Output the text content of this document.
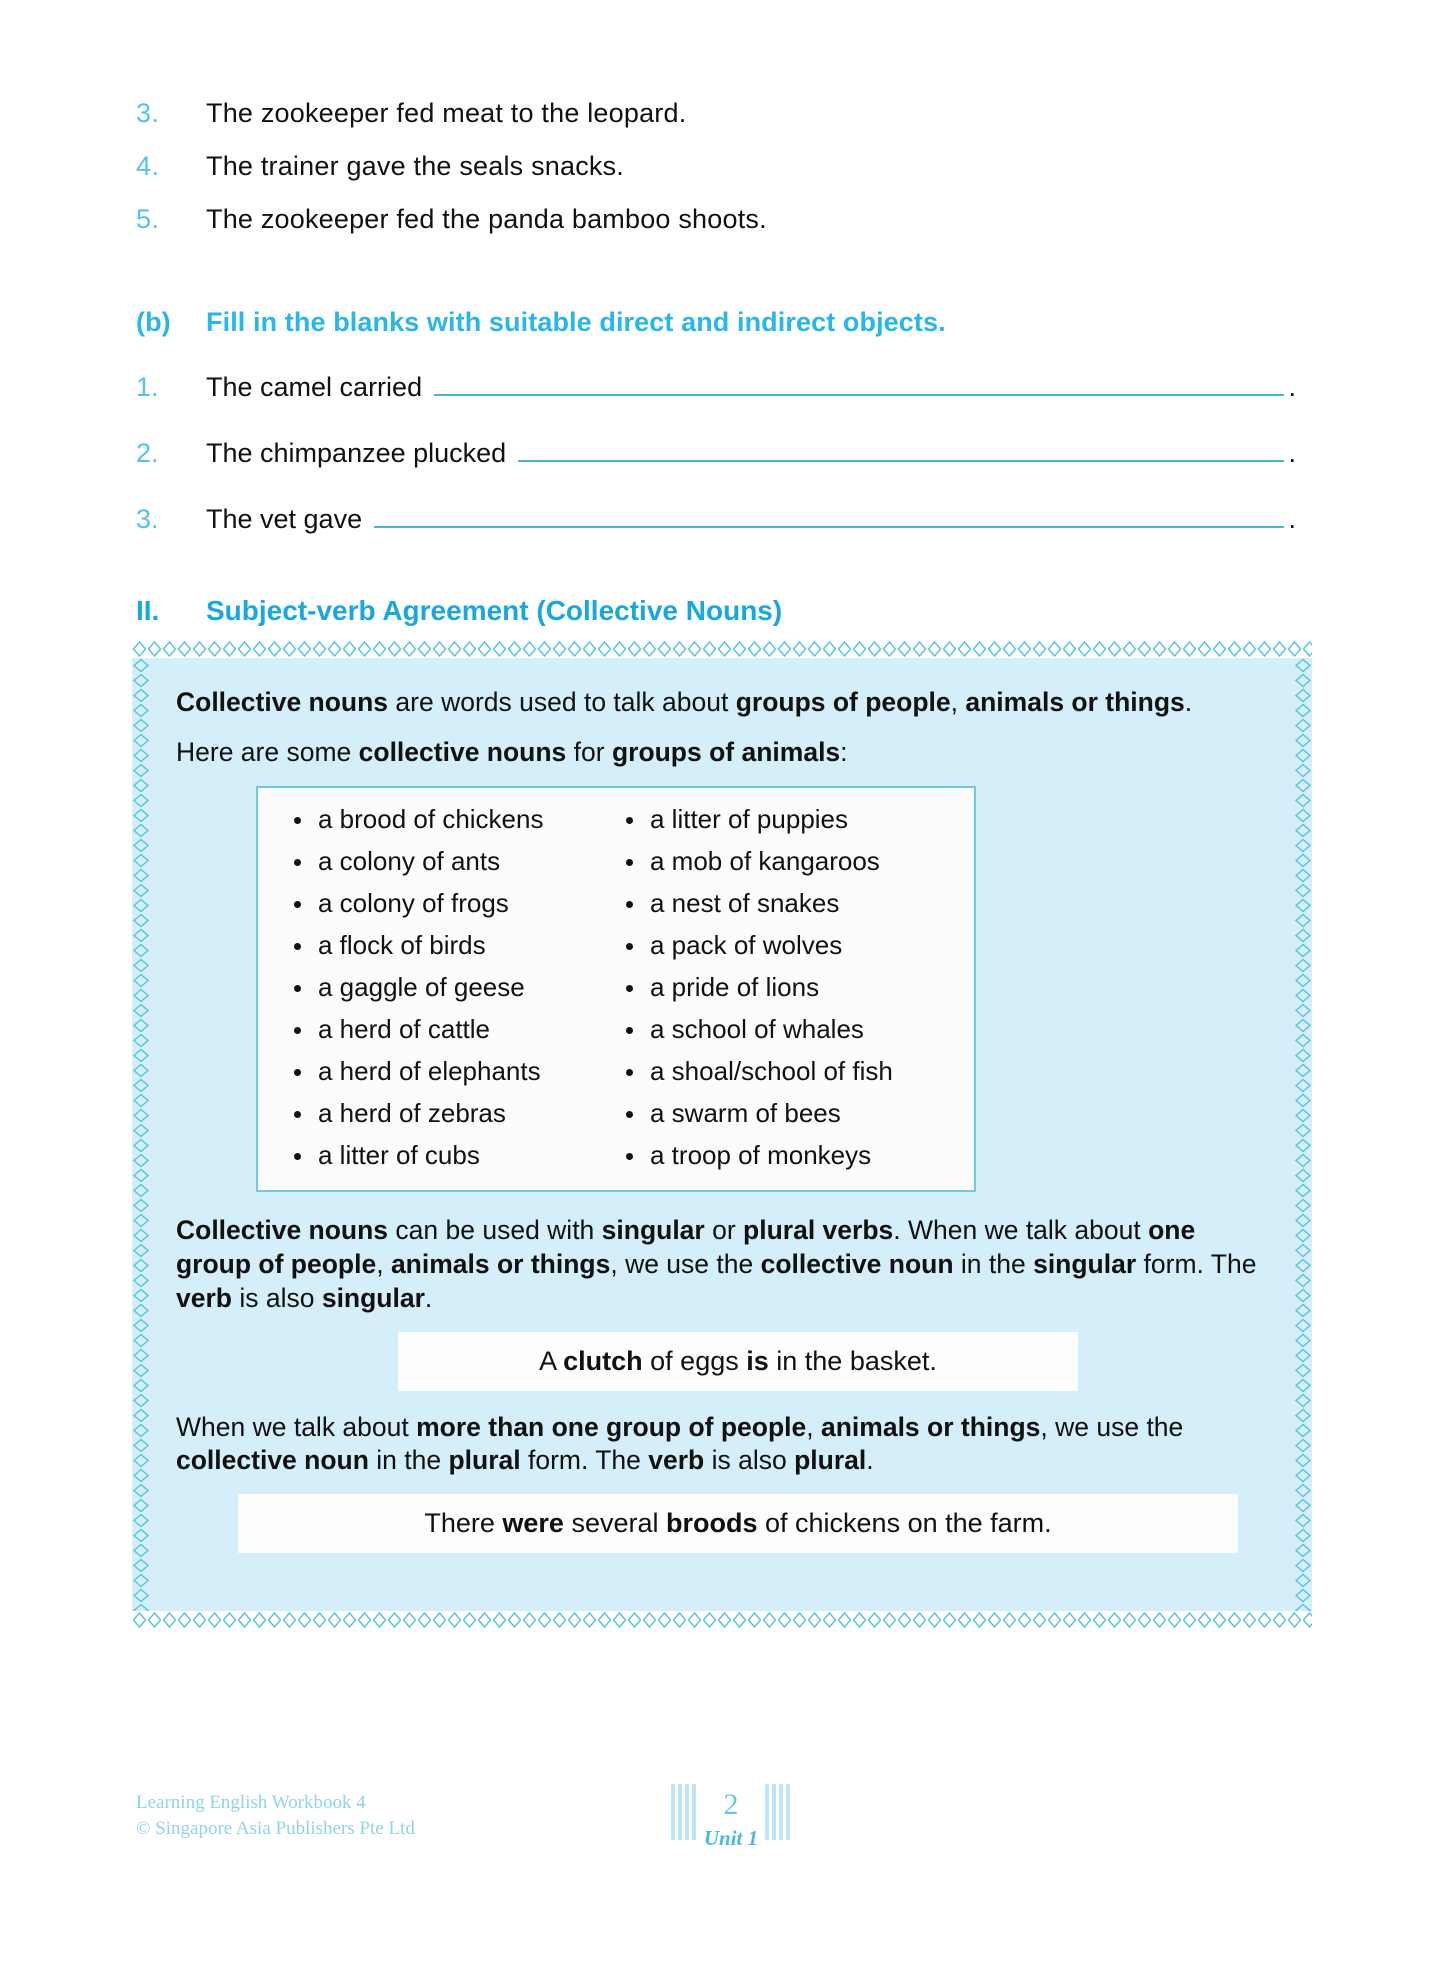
3.	The zookeeper fed meat to the leopard.
4.	The trainer gave the seals snacks.
5.	The zookeeper fed the panda bamboo shoots.
(b)	Fill in the blanks with suitable direct and indirect objects.
1.	The camel carried	.
2.	The chimpanzee plucked	.
3.	The vet gave	.
II.	Subject-verb Agreement (Collective Nouns)

Collective nouns are words used to talk about groups of people, animals or things.

Here are some collective nouns for groups of animals:

a brood of chickens
a colony of ants
a colony of frogs
a flock of birds
a gaggle of geese
a herd of cattle
a herd of elephants
a herd of zebras
a litter of cubs
a litter of puppies
a mob of kangaroos
a nest of snakes
a pack of wolves
a pride of lions
a school of whales
a shoal/school of fish
a swarm of bees
a troop of monkeys

Collective nouns can be used with singular or plural verbs. When we talk about one group of people, animals or things, we use the collective noun in the singular form. The verb is also singular.

A clutch of eggs is in the basket.

When we talk about more than one group of people, animals or things, we use the collective noun in the plural form. The verb is also plural.

There were several broods of chickens on the farm.
Learning English Workbook 4
© Singapore Asia Publishers Pte Ltd
2
Unit 1
